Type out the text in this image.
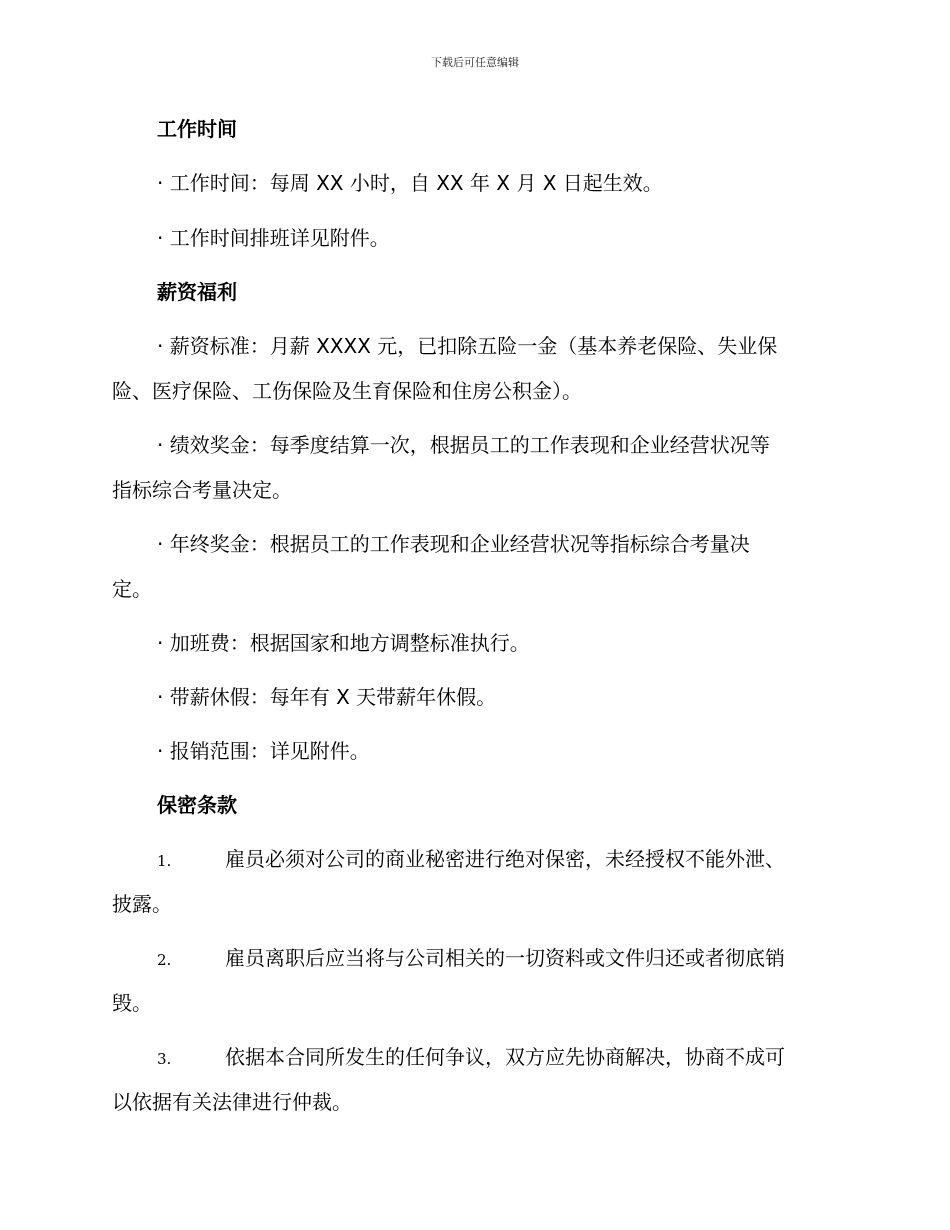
下载后可任意编辑
工作时间
· 工作时间：每周 XX 小时，自 XX 年 X 月 X 日起生效。
· 工作时间排班详见附件。
薪资福利
· 薪资标准：月薪 XXXX 元，已扣除五险一金（基本养老保险、失业保
险、医疗保险、工伤保险及生育保险和住房公积金）。
· 绩效奖金：每季度结算一次，根据员工的工作表现和企业经营状况等
指标综合考量决定。
· 年终奖金：根据员工的工作表现和企业经营状况等指标综合考量决
定。
· 加班费：根据国家和地方调整标准执行。
· 带薪休假：每年有 X 天带薪年休假。
· 报销范围：详见附件。
保密条款
1.	雇员必须对公司的商业秘密进行绝对保密，未经授权不能外泄、
披露。
2.	雇员离职后应当将与公司相关的一切资料或文件归还或者彻底销
毁。
3.	依据本合同所发生的任何争议，双方应先协商解决，协商不成可
以依据有关法律进行仲裁。
